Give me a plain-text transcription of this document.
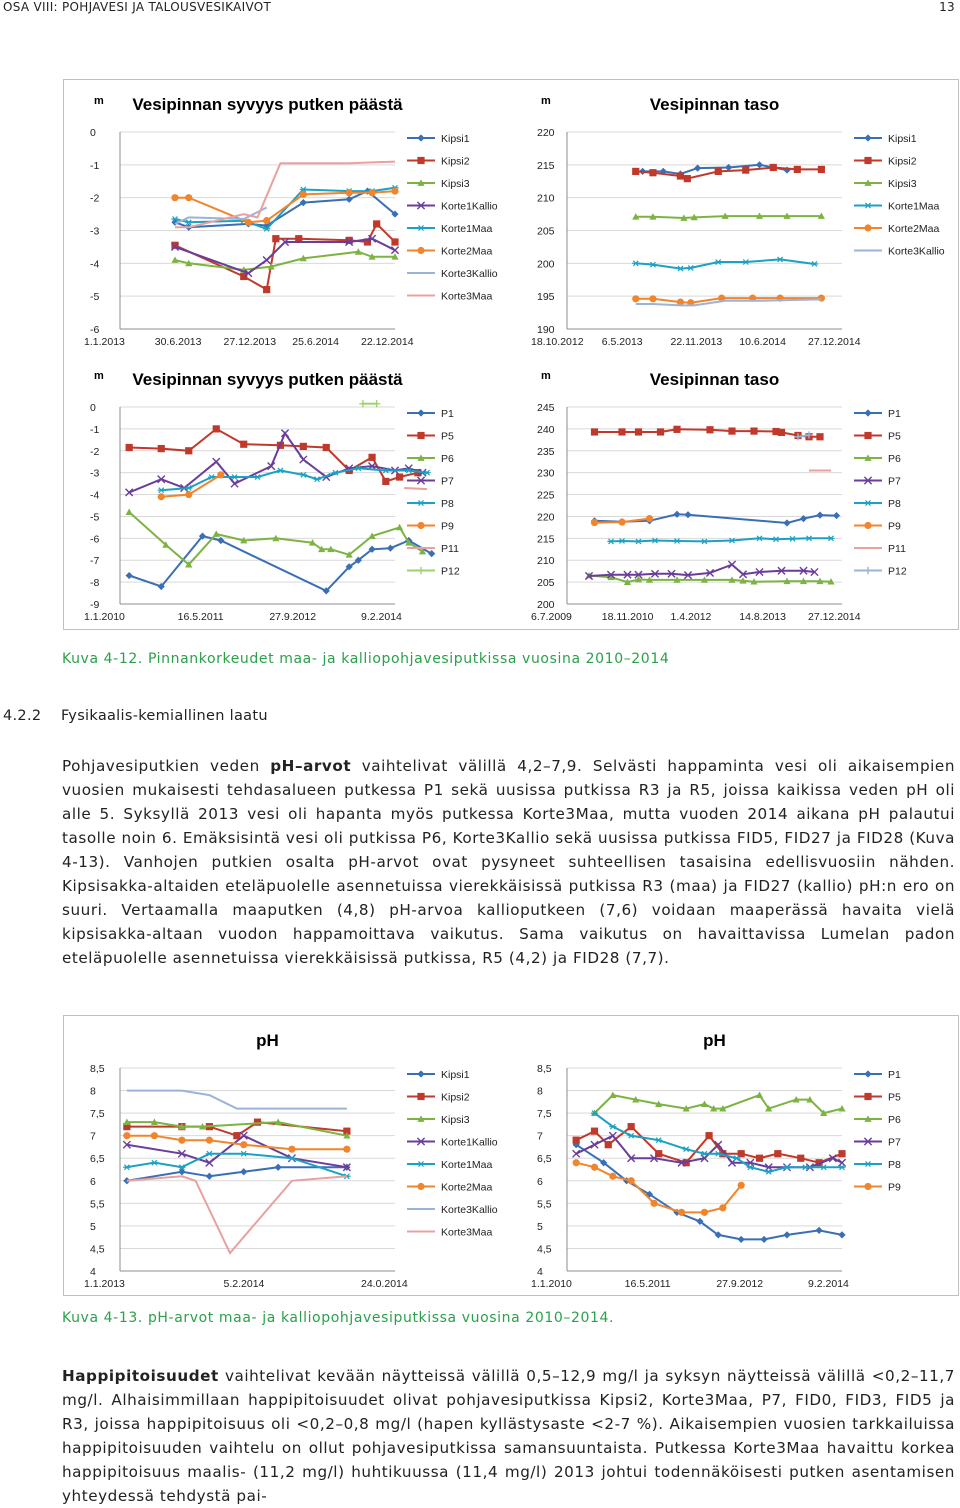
OSA VIII: POHJAVESI JA TALOUSVESIKAIVOT	13
Vesipinnan syvyys putken päästä
m
0
-1
-2
-3
-4
-5
-6
1.1.2013	30.6.2013 27.12.2013 25.6.2014 22.12.2014
Kipsi1
Kipsi2
Kipsi3
Korte1Kallio
Korte1Maa
Korte2Maa
Korte3Kallio
Korte3Maa
Vesipinnan taso
m
220
215
210
205
200
195
190
18.10.2012 6.5.2013	22.11.2013 10.6.2014 27.12.2014
Kipsi1
Kipsi2
Kipsi3
Korte1Maa
Korte2Maa
Korte3Kallio
Vesipinnan syvyys putken päästä
m
0
-1
-2
-3
-4
-5
-6
-7
-8
-9
1.1.2010	16.5.2011	27.9.2012	9.2.2014
P1
P5
P6
P7
P8
P9
P11
P12
Vesipinnan taso
m
245
240
235
230
225
220
215
210
205
200
6.7.2009	18.11.2010 1.4.2012	14.8.2013 27.12.2014
P1
P5
P6
P7
P8
P9
P11
P12
Kuva 4-12. Pinnankorkeudet maa- ja kalliopohjavesiputkissa vuosina 2010–2014
4.2.2 Fysikaalis-kemiallinen laatu
Pohjavesiputkien veden pH–arvot vaihtelivat välillä 4,2–7,9. Selvästi happaminta vesi oli aikaisempien vuosien mukaisesti tehdasalueen putkessa P1 sekä uusissa putkissa R3 ja R5, joissa kaikissa veden pH oli alle 5. Syksyllä 2013 vesi oli hapanta myös putkessa Korte3Maa, mutta vuoden 2014 aikana pH palautui tasolle noin 6. Emäksisintä vesi oli putkissa P6, Korte3Kallio sekä uusissa putkissa FID5, FID27 ja FID28 (Kuva 4-13). Vanhojen putkien osalta pH-arvot ovat pysyneet suhteellisen tasaisina edellisvuosiin nähden. Kipsisakka-altaiden eteläpuolelle asennetuissa vierekkäisissä putkissa R3 (maa) ja FID27 (kallio) pH:n ero on suuri. Vertaamalla maaputken (4,8) pH-arvoa kallioputkeen (7,6) voidaan maaperässä havaita vielä kipsisakka-altaan vuodon happamoittava vaikutus. Sama vaikutus on havaittavissa Lumelan padon eteläpuolelle asennetuissa vierekkäisissä putkissa, R5 (4,2) ja FID28 (7,7).
pH
8,5
8
7,5
7
6,5
6
5,5
5
4,5
4
1.1.2013	5.2.2014	24.0.2014
Kipsi1
Kipsi2
Kipsi3
Korte1Kallio
Korte1Maa
Korte2Maa
Korte3Kallio
Korte3Maa
pH
8,5
8
7,5
7
6,5
6
5,5
5
4,5
4
1.1.2010	16.5.2011	27.9.2012	9.2.2014
P1
P5
P6
P7
P8
P9
Kuva 4-13. pH-arvot maa- ja kalliopohjavesiputkissa vuosina 2010–2014.
Happipitoisuudet vaihtelivat kevään näytteissä välillä 0,5–12,9 mg/l ja syksyn näytteissä välillä <0,2–11,7 mg/l. Alhaisimmillaan happipitoisuudet olivat pohjavesiputkissa Kipsi2, Korte3Maa, P7, FID0, FID3, FID5 ja R3, joissa happipitoisuus oli <0,2–0,8 mg/l (hapen kyllästysaste <2-7 %). Aikaisempien vuosien tarkkailuissa happipitoisuuden vaihtelu on ollut pohjavesiputkissa samansuuntaista. Putkessa Korte3Maa havaittu korkea happipitoisuus maalis- (11,2 mg/l) huhtikuussa (11,4 mg/l) 2013 johtui todennäköisesti putken asentamisen yhteydessä tehdystä pai-
